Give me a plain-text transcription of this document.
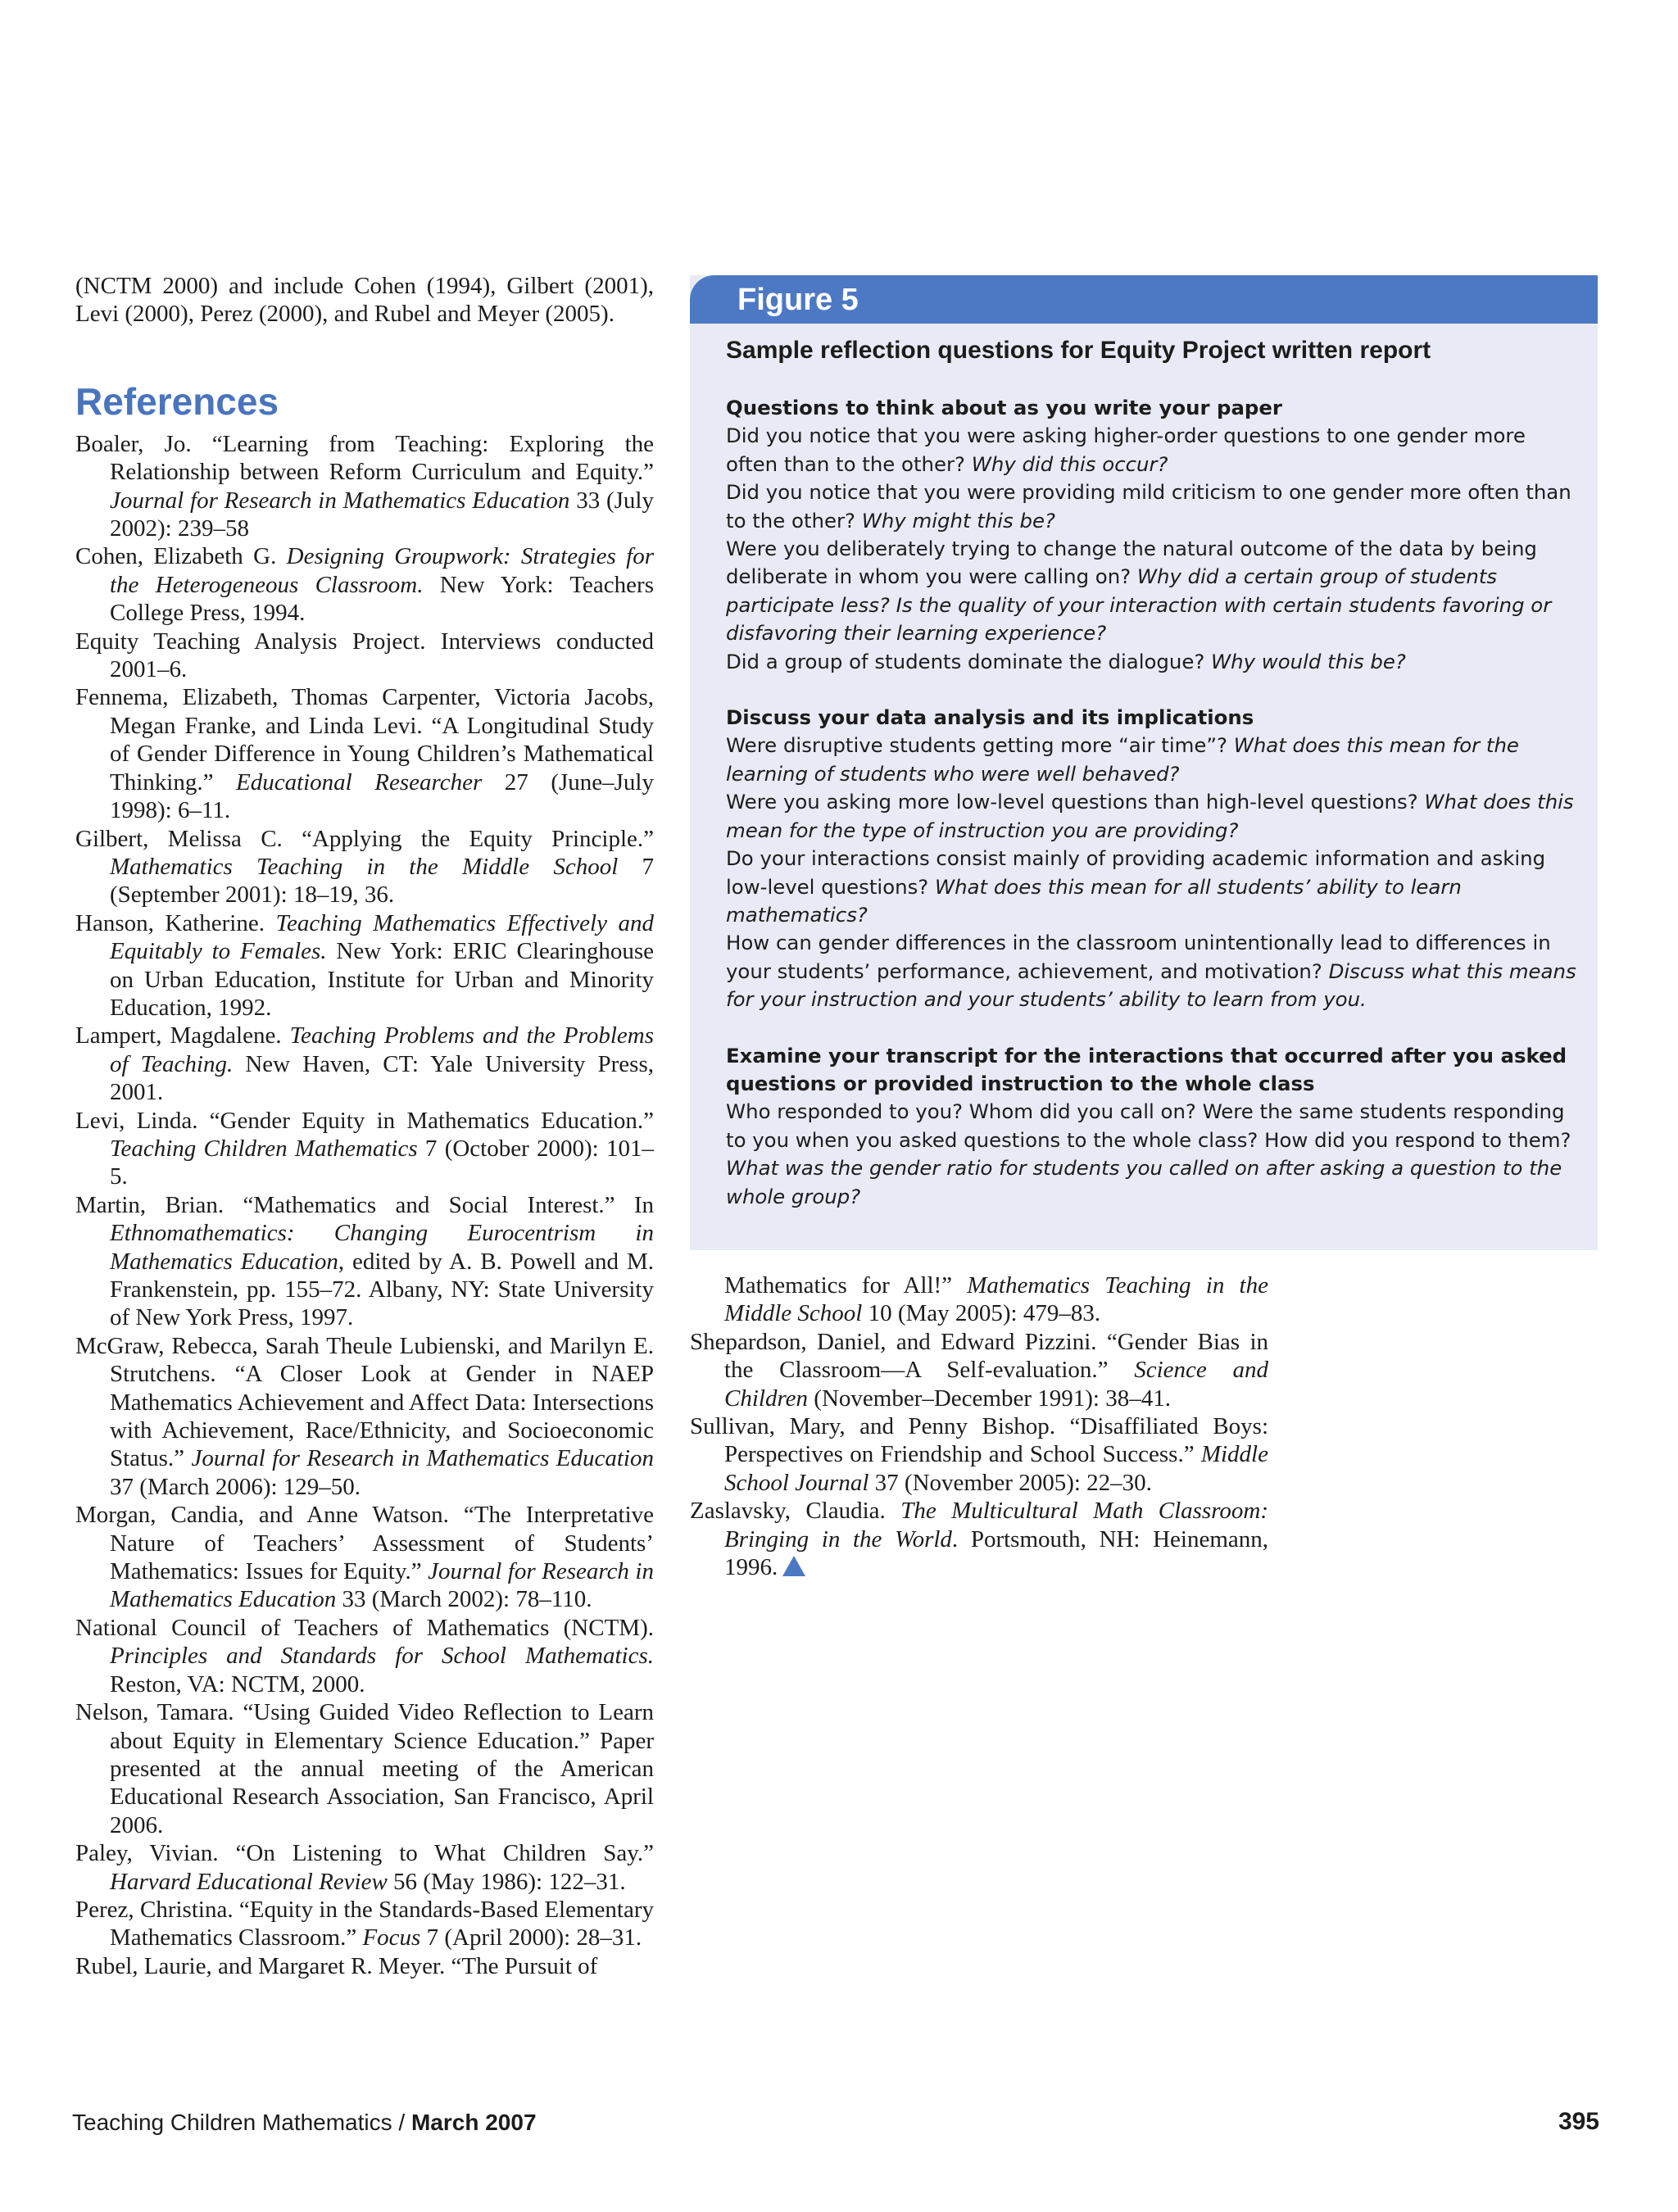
(NCTM 2000) and include Cohen (1994), Gilbert (2001), Levi (2000), Perez (2000), and Rubel and Meyer (2005).

References

Boaler, Jo. “Learning from Teaching: Exploring the Relationship between Reform Curriculum and Equity.” Journal for Research in Mathematics Education 33 (July 2002): 239–58

Cohen, Elizabeth G. Designing Groupwork: Strategies for the Heterogeneous Classroom. New York: Teachers College Press, 1994.

Equity Teaching Analysis Project. Interviews conducted 2001–6.

Fennema, Elizabeth, Thomas Carpenter, Victoria Jacobs, Megan Franke, and Linda Levi. “A Longitudinal Study of Gender Difference in Young Children’s Mathematical Thinking.” Educational Researcher 27 (June–July 1998): 6–11.

Gilbert, Melissa C. “Applying the Equity Principle.” Mathematics Teaching in the Middle School 7 (September 2001): 18–19, 36.

Hanson, Katherine. Teaching Mathematics Effectively and Equitably to Females. New York: ERIC Clearinghouse on Urban Education, Institute for Urban and Minority Education, 1992.

Lampert, Magdalene. Teaching Problems and the Problems of Teaching. New Haven, CT: Yale University Press, 2001.

Levi, Linda. “Gender Equity in Mathematics Education.” Teaching Children Mathematics 7 (October 2000): 101–5.

Martin, Brian. “Mathematics and Social Interest.” In Ethnomathematics: Changing Eurocentrism in Mathematics Education, edited by A. B. Powell and M. Frankenstein, pp. 155–72. Albany, NY: State University of New York Press, 1997.

McGraw, Rebecca, Sarah Theule Lubienski, and Marilyn E. Strutchens. “A Closer Look at Gender in NAEP Mathematics Achievement and Affect Data: Intersections with Achievement, Race/Ethnicity, and Socioeconomic Status.” Journal for Research in Mathematics Education 37 (March 2006): 129–50.

Morgan, Candia, and Anne Watson. “The Interpretative Nature of Teachers’ Assessment of Students’ Mathematics: Issues for Equity.” Journal for Research in Mathematics Education 33 (March 2002): 78–110.

National Council of Teachers of Mathematics (NCTM). Principles and Standards for School Mathematics. Reston, VA: NCTM, 2000.

Nelson, Tamara. “Using Guided Video Reflection to Learn about Equity in Elementary Science Education.” Paper presented at the annual meeting of the American Educational Research Association, San Francisco, April 2006.

Paley, Vivian. “On Listening to What Children Say.” Harvard Educational Review 56 (May 1986): 122–31.

Perez, Christina. “Equity in the Standards-Based Elementary Mathematics Classroom.” Focus 7 (April 2000): 28–31.

Rubel, Laurie, and Margaret R. Meyer. “The Pursuit of

Figure 5

Sample reflection questions for Equity Project written report

Questions to think about as you write your paper

Did you notice that you were asking higher-order questions to one gender more often than to the other? Why did this occur?

Did you notice that you were providing mild criticism to one gender more often than to the other? Why might this be?

Were you deliberately trying to change the natural outcome of the data by being deliberate in whom you were calling on? Why did a certain group of students participate less? Is the quality of your interaction with certain students favoring or disfavoring their learning experience?

Did a group of students dominate the dialogue? Why would this be?

Discuss your data analysis and its implications

Were disruptive students getting more “air time”? What does this mean for the learning of students who were well behaved?

Were you asking more low-level questions than high-level questions? What does this mean for the type of instruction you are providing?

Do your interactions consist mainly of providing academic information and asking low-level questions? What does this mean for all students’ ability to learn mathematics?

How can gender differences in the classroom unintentionally lead to differences in your students’ performance, achievement, and motivation? Discuss what this means for your instruction and your students’ ability to learn from you.

Examine your transcript for the interactions that occurred after you asked questions or provided instruction to the whole class

Who responded to you? Whom did you call on? Were the same students responding to you when you asked questions to the whole class? How did you respond to them? What was the gender ratio for students you called on after asking a question to the whole group?

Mathematics for All!” Mathematics Teaching in the Middle School 10 (May 2005): 479–83.

Shepardson, Daniel, and Edward Pizzini. “Gender Bias in the Classroom—A Self-evaluation.” Science and Children (November–December 1991): 38–41.

Sullivan, Mary, and Penny Bishop. “Disaffiliated Boys: Perspectives on Friendship and School Success.” Middle School Journal 37 (November 2005): 22–30.

Zaslavsky, Claudia. The Multicultural Math Classroom: Bringing in the World. Portsmouth, NH: Heinemann, 1996.

Teaching Children Mathematics / March 2007	395
